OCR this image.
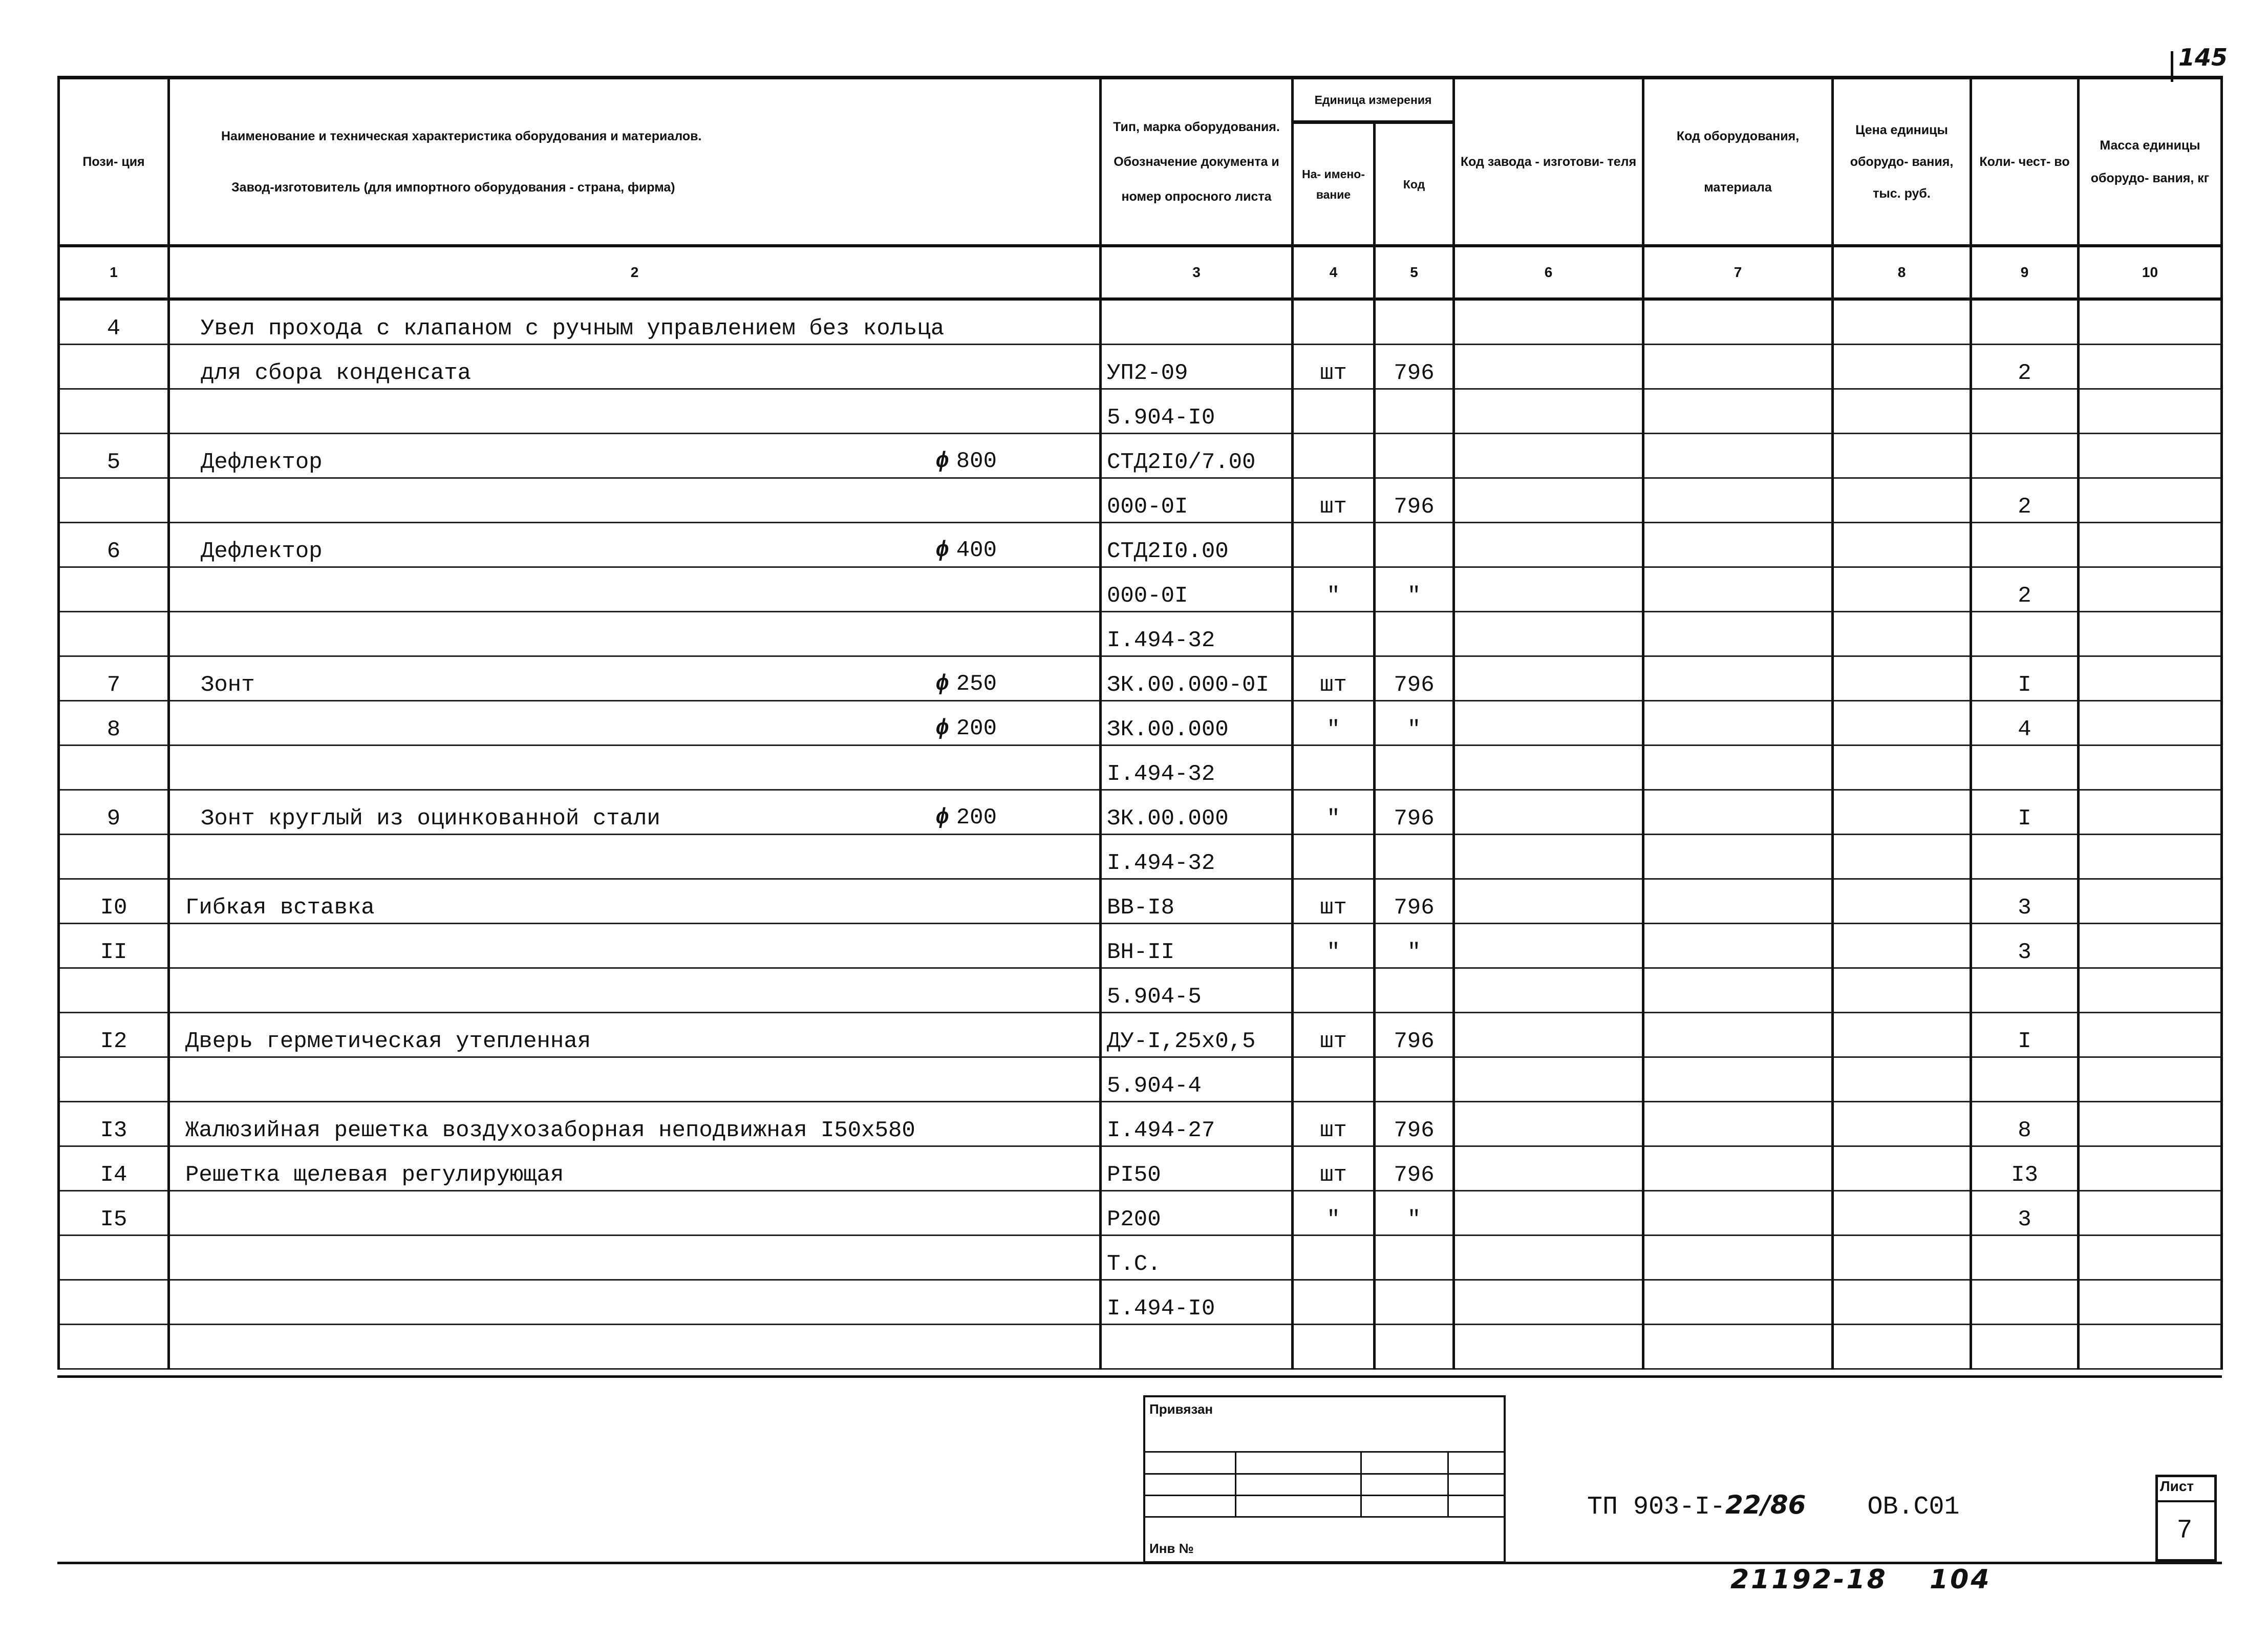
145
Пози- ция	Наименование и техническая характеристика оборудования и материалов.
Завод-изготовитель (для импортного оборудования - страна, фирма)	Тип, марка оборудования. Обозначение документа и номер опросного листа	Единица измерения		Код завода - изготови- теля	Код оборудования, материала	Цена единицы оборудо- вания, тыс. руб.	Коли- чест- во	Масса единицы оборудо- вания, кг
			На- имено- вание	Код					
1	2	3	4	5	6	7	8	9	10
4	Увел прохода с клапаном с ручным управлением без кольца								
	для сбора конденсата	УП2-09	шт	796				2	
		5.904-I0							
5	Дефлектор ϕ 800	СТД2I0/7.00							
		000-0I	шт	796				2	
6	Дефлектор ϕ 400	СТД2I0.00							
		000-0I	"	"				2	
		I.494-32							
7	Зонт ϕ 250	ЗК.00.000-0I	шт	796				I	
8	ϕ 200	ЗК.00.000	"	"				4	
		I.494-32							
9	Зонт круглый из оцинкованной стали ϕ 200	ЗК.00.000	"	796				I	
		I.494-32							
I0	Гибкая вставка	ВВ-I8	шт	796				3	
II		ВН-II	"	"				3	
		5.904-5							
I2	Дверь герметическая утепленная	ДУ-I,25х0,5	шт	796				I	
		5.904-4							
I3	Жалюзийная решетка воздухозаборная неподвижная I50х580	I.494-27	шт	796				8	
I4	Решетка щелевая регулирующая	РI50	шт	796				I3	
I5		Р200	"	"				3	
		Т.С.							
		I.494-I0							

Привязан
Инв №
ТП 903-I-22/86 ОВ.С01
Лист
7
21192-18 104
